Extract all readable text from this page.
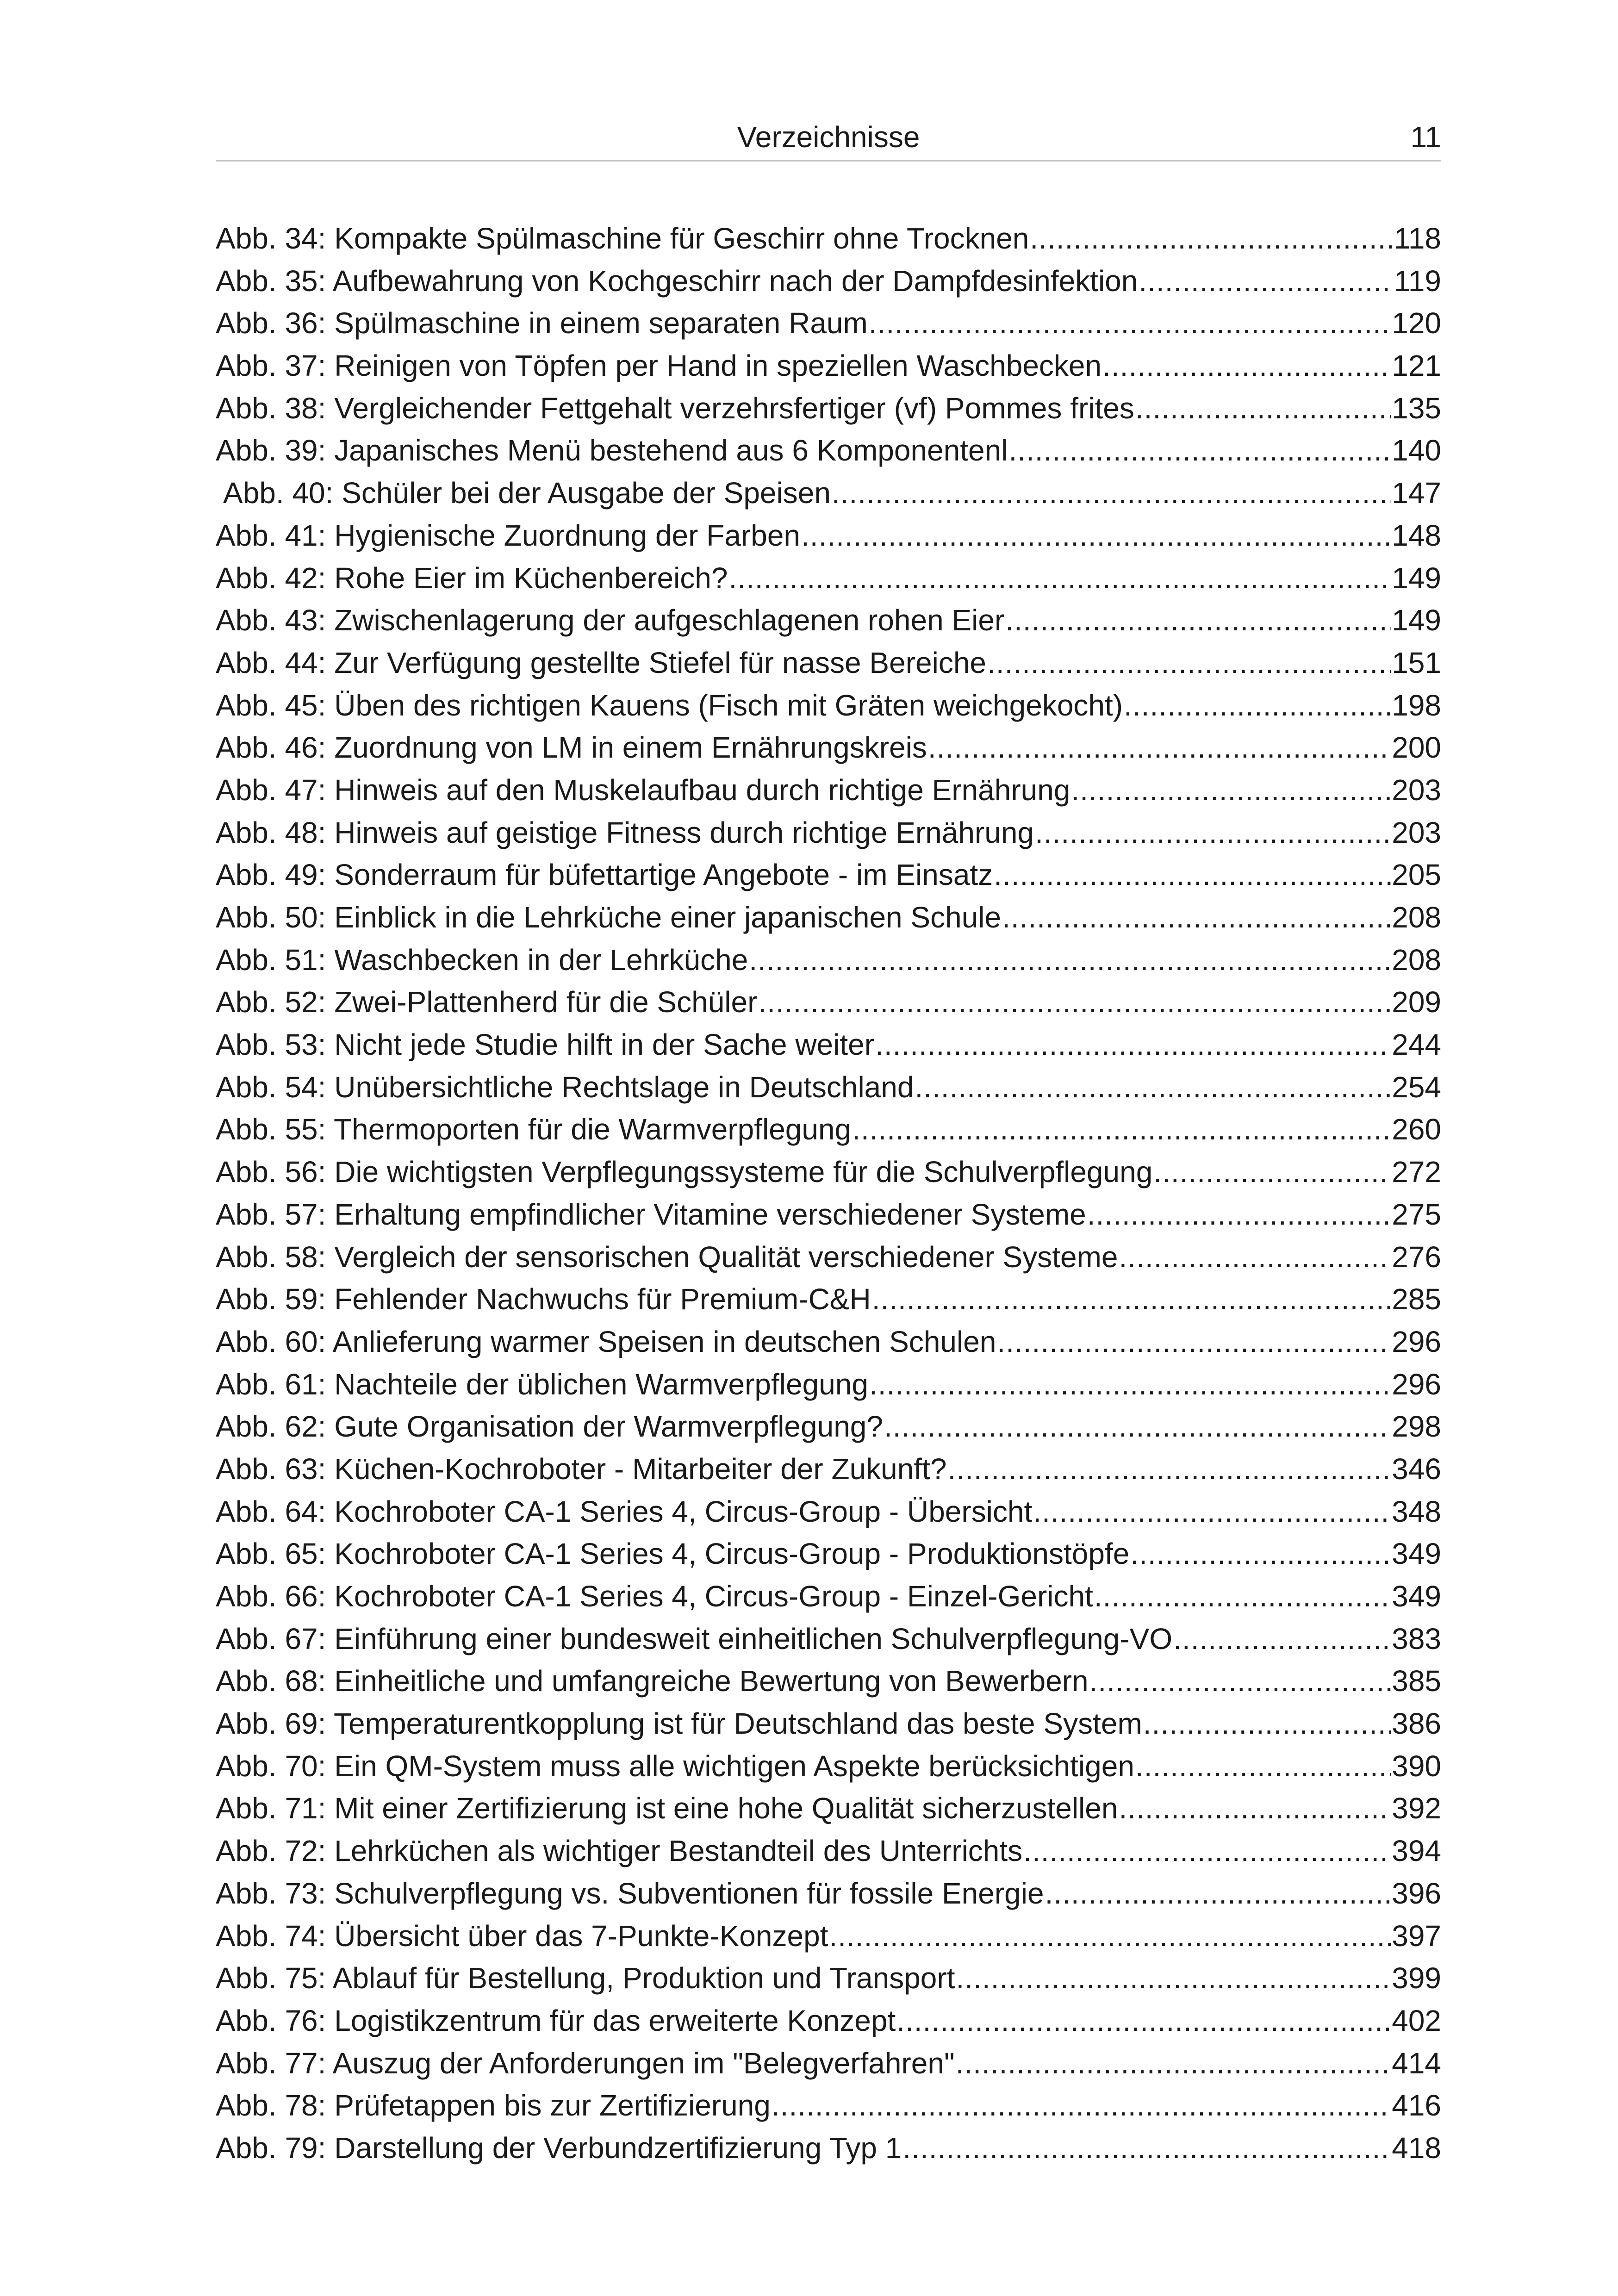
Verzeichnisse	11
Abb. 34: Kompakte Spülmaschine für Geschirr ohne Trocknen .....	118
Abb. 35: Aufbewahrung von Kochgeschirr nach der Dampfdesinfektion .....	119
Abb. 36: Spülmaschine in einem separaten Raum .....	120
Abb. 37: Reinigen von Töpfen per Hand in speziellen Waschbecken .....	121
Abb. 38: Vergleichender Fettgehalt verzehrsfertiger (vf) Pommes frites .....	135
Abb. 39: Japanisches Menü bestehend aus 6 Komponentenl .....	140
Abb. 40: Schüler bei der Ausgabe der Speisen .....	147
Abb. 41: Hygienische Zuordnung der Farben .....	148
Abb. 42: Rohe Eier im Küchenbereich? .....	149
Abb. 43: Zwischenlagerung der aufgeschlagenen rohen Eier .....	149
Abb. 44: Zur Verfügung gestellte Stiefel für nasse Bereiche .....	151
Abb. 45: Üben des richtigen Kauens (Fisch mit Gräten weichgekocht) .....	198
Abb. 46: Zuordnung von LM in einem Ernährungskreis .....	200
Abb. 47: Hinweis auf den Muskelaufbau durch richtige Ernährung .....	203
Abb. 48: Hinweis auf geistige Fitness durch richtige Ernährung .....	203
Abb. 49: Sonderraum für büfettartige Angebote - im Einsatz .....	205
Abb. 50: Einblick in die Lehrküche einer japanischen Schule .....	208
Abb. 51: Waschbecken in der Lehrküche .....	208
Abb. 52: Zwei-Plattenherd für die Schüler .....	209
Abb. 53: Nicht jede Studie hilft in der Sache weiter .....	244
Abb. 54: Unübersichtliche Rechtslage in Deutschland .....	254
Abb. 55: Thermoporten für die Warmverpflegung .....	260
Abb. 56: Die wichtigsten Verpflegungssysteme für die Schulverpflegung .....	272
Abb. 57: Erhaltung empfindlicher Vitamine verschiedener Systeme .....	275
Abb. 58: Vergleich der sensorischen Qualität verschiedener Systeme .....	276
Abb. 59: Fehlender Nachwuchs für Premium-C&H .....	285
Abb. 60: Anlieferung warmer Speisen in deutschen Schulen .....	296
Abb. 61: Nachteile der üblichen Warmverpflegung .....	296
Abb. 62: Gute Organisation der Warmverpflegung? .....	298
Abb. 63: Küchen-Kochroboter - Mitarbeiter der Zukunft? .....	346
Abb. 64: Kochroboter CA-1 Series 4, Circus-Group - Übersicht .....	348
Abb. 65: Kochroboter CA-1 Series 4, Circus-Group - Produktionstöpfe .....	349
Abb. 66: Kochroboter CA-1 Series 4, Circus-Group - Einzel-Gericht .....	349
Abb. 67: Einführung einer bundesweit einheitlichen Schulverpflegung-VO .....	383
Abb. 68: Einheitliche und umfangreiche Bewertung von Bewerbern .....	385
Abb. 69: Temperaturentkopplung ist für Deutschland das beste System .....	386
Abb. 70: Ein QM-System muss alle wichtigen Aspekte berücksichtigen .....	390
Abb. 71: Mit einer Zertifizierung ist eine hohe Qualität sicherzustellen .....	392
Abb. 72: Lehrküchen als wichtiger Bestandteil des Unterrichts .....	394
Abb. 73: Schulverpflegung vs. Subventionen für fossile Energie .....	396
Abb. 74: Übersicht über das 7-Punkte-Konzept .....	397
Abb. 75: Ablauf für Bestellung, Produktion und Transport .....	399
Abb. 76: Logistikzentrum für das erweiterte Konzept .....	402
Abb. 77: Auszug der Anforderungen im "Belegverfahren" .....	414
Abb. 78: Prüfetappen bis zur Zertifizierung .....	416
Abb. 79: Darstellung der Verbundzertifizierung Typ 1 .....	418
